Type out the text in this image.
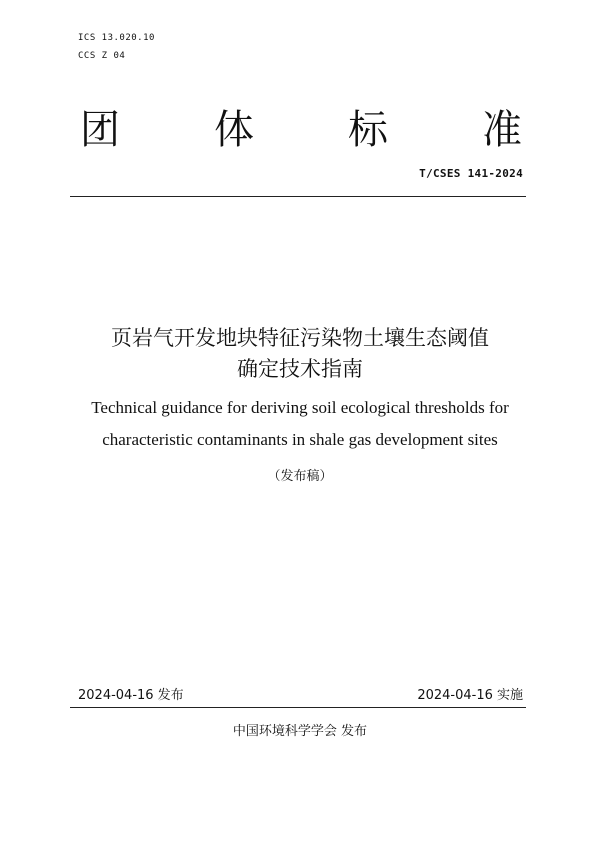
ICS 13.020.10
CCS Z 04
团 体 标 准
T/CSES 141-2024
页岩气开发地块特征污染物土壤生态阈值
确定技术指南
Technical guidance for deriving soil ecological thresholds for
characteristic contaminants in shale gas development sites
（发布稿）
2024-04-16 发布	2024-04-16 实施
中国环境科学学会 发布
